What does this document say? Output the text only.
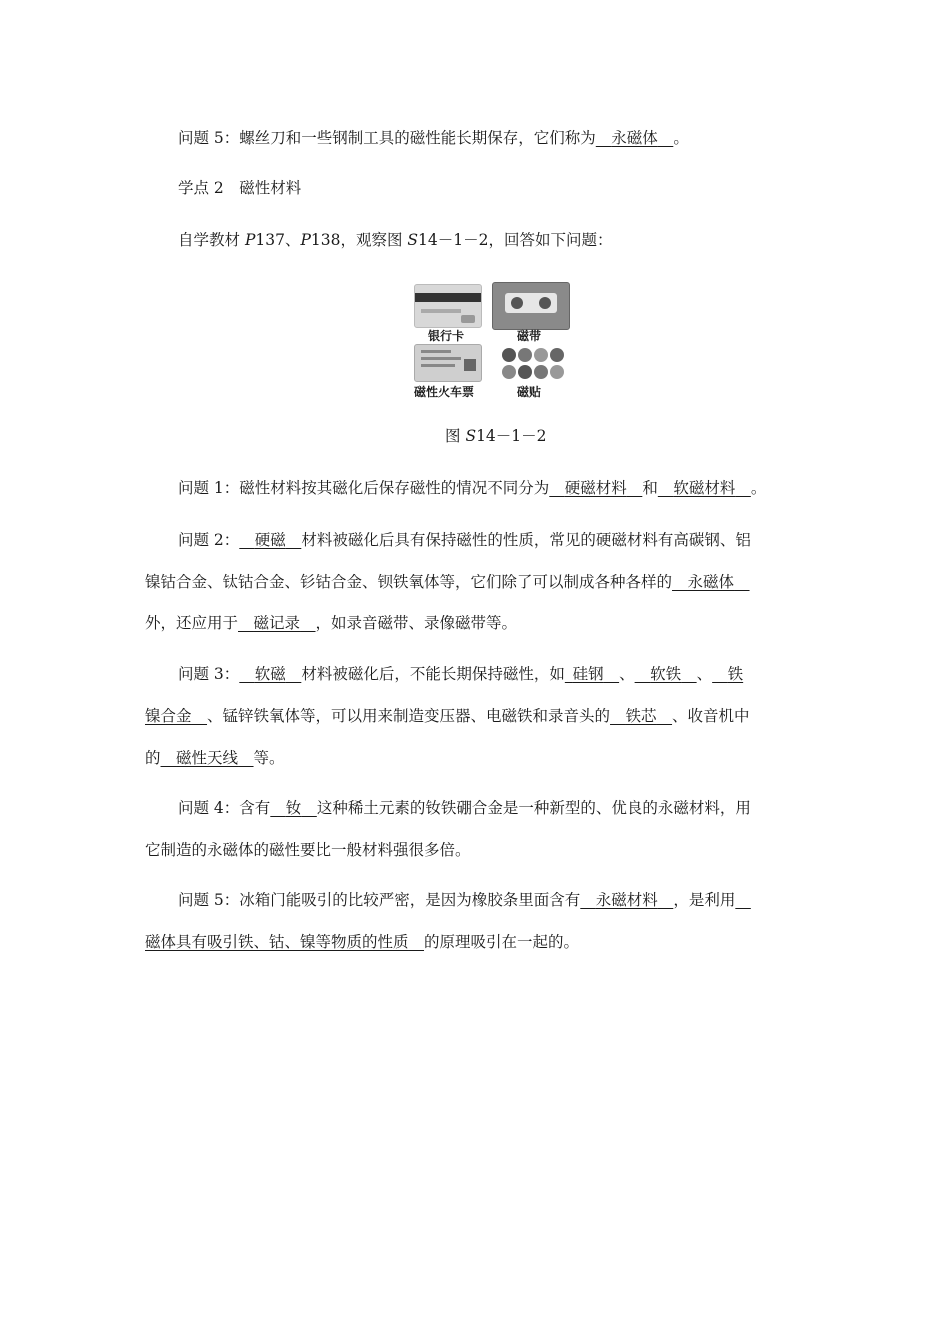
问题 5：螺丝刀和一些钢制工具的磁性能长期保存，它们称为  永磁体  。
学点 2　磁性材料
自学教材 P137、P138，观察图 S14－1－2，回答如下问题：
银行卡	磁带
磁性火车票	磁贴
图 S14－1－2
问题 1：磁性材料按其磁化后保存磁性的情况不同分为   硬磁材料  和  软磁材料  。
问题 2：  硬磁  材料被磁化后具有保持磁性的性质，常见的硬磁材料有高碳钢、铝
镍钴合金、钛钴合金、钐钴合金、钡铁氧体等，它们除了可以制成各种各样的  永磁体 
外，还应用于  磁记录  ，如录音磁带、录像磁带等。
问题 3：  软磁  材料被磁化后，不能长期保持磁性，如  硅钢  、   软铁  、   铁
镍合金  、锰锌铁氧体等，可以用来制造变压器、电磁铁和录音头的   铁芯  、收音机中
的  磁性天线  等。
问题 4：含有  钕  这种稀土元素的钕铁硼合金是一种新型的、优良的永磁材料，用
它制造的永磁体的磁性要比一般材料强很多倍。
问题 5：冰箱门能吸引的比较严密，是因为橡胶条里面含有  永磁材料  ，是利用 
磁体具有吸引铁、钴、镍等物质的性质  的原理吸引在一起的。
